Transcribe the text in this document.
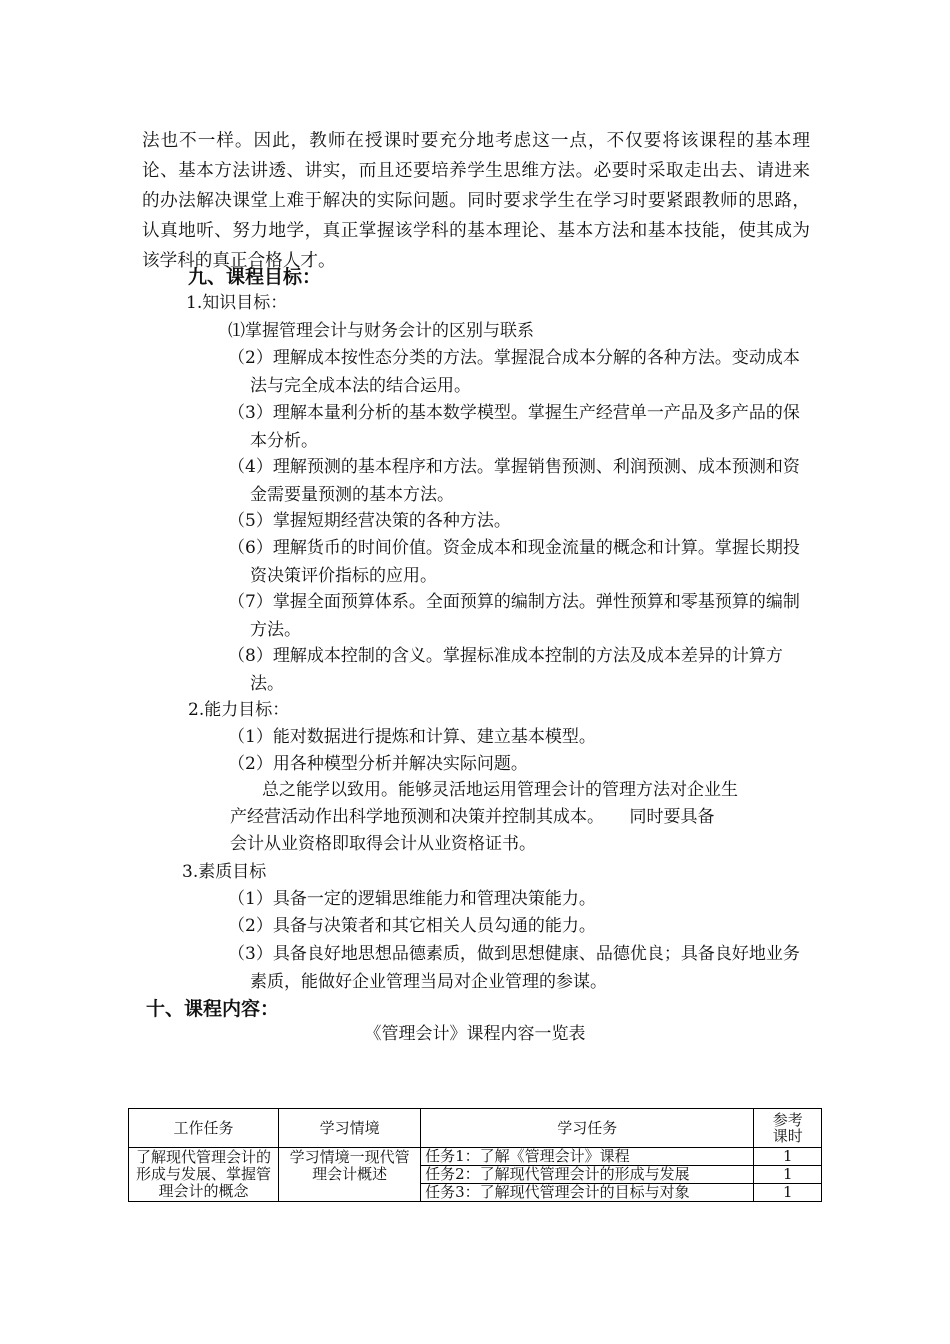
法也不一样。因此，教师在授课时要充分地考虑这一点，不仅要将该课程的基本理论、基本方法讲透、讲实，而且还要培养学生思维方法。必要时采取走出去、请进来的办法解决课堂上难于解决的实际问题。同时要求学生在学习时要紧跟教师的思路，认真地听、努力地学，真正掌握该学科的基本理论、基本方法和基本技能，使其成为该学科的真正合格人才。

九、课程目标：
1.知识目标：
⑴掌握管理会计与财务会计的区别与联系
（2）理解成本按性态分类的方法。掌握混合成本分解的各种方法。变动成本法与完全成本法的结合运用。
（3）理解本量利分析的基本数学模型。掌握生产经营单一产品及多产品的保本分析。
（4）理解预测的基本程序和方法。掌握销售预测、利润预测、成本预测和资金需要量预测的基本方法。
（5）掌握短期经营决策的各种方法。
（6）理解货币的时间价值。资金成本和现金流量的概念和计算。掌握长期投资决策评价指标的应用。
（7）掌握全面预算体系。全面预算的编制方法。弹性预算和零基预算的编制方法。
（8）理解成本控制的含义。掌握标准成本控制的方法及成本差异的计算方法。
2.能力目标：
（1）能对数据进行提炼和计算、建立基本模型。
（2）用各种模型分析并解决实际问题。
总之能学以致用。能够灵活地运用管理会计的管理方法对企业生
产经营活动作出科学地预测和决策并控制其成本。　　同时要具备
会计从业资格即取得会计从业资格证书。
3.素质目标
（1）具备一定的逻辑思维能力和管理决策能力。
（2）具备与决策者和其它相关人员勾通的能力。
（3）具备良好地思想品德素质，做到思想健康、品德优良；具备良好地业务素质，能做好企业管理当局对企业管理的参谋。
十、课程内容：
《管理会计》课程内容一览表
工作任务	学习情境	学习任务	参考
课时

了解现代管理会计的形成与发展、掌握管理会计的概念	学习情境一现代管理会计概述	任务1：了解《管理会计》课程	1
		任务2：了解现代管理会计的形成与发展	1
		任务3：了解现代管理会计的目标与对象	1
